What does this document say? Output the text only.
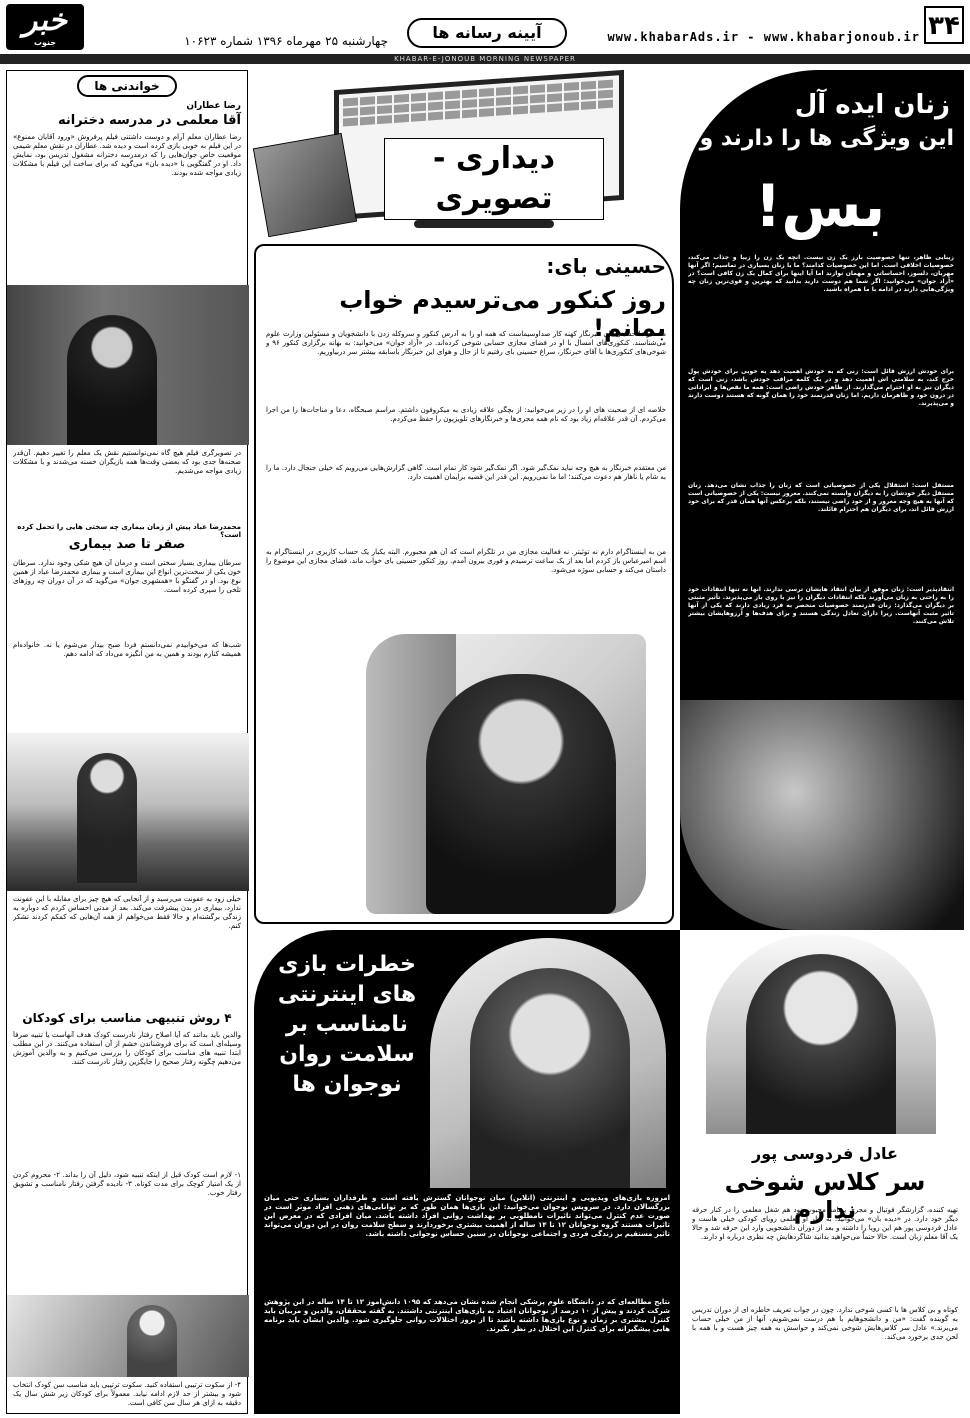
۳۴
www.khabarAds.ir - www.khabarjonoub.ir
آیینه رسانه ها
چهارشنبه ۲۵ مهرماه ۱۳۹۶ شماره ۱۰۶۲۳
خبر
جنوب
KHABAR-E-JONOUB MORNING NEWSPAPER
خواندنی ها
رضا عطاران
آقا معلمی در مدرسه دخترانه
رضا عطاران معلم آرام و دوست داشتنی فیلم پرفروش «ورود آقایان ممنوع» در این فیلم به خوبی بازی کرده است و دیده شد. عطاران در نقش معلم شیمی موقعیت خاص جوان‌هایی را که درمدرسه دخترانه مشغول تدریس بود، نمایش داد. او در گفتگویی با «دیده بان» می‌گوید که برای ساخت این فیلم با مشکلات زیادی مواجه شده بودند.
در تصویرگری فیلم هیچ گاه نمی‌توانستیم نقش یک معلم را تغییر دهیم. آن‌قدر صحنه‌ها جدی بود که بعضی وقت‌ها همه بازیگران خسته می‌شدند و با مشکلات زیادی مواجه می‌شدیم.
محمدرضا عباد پیش از زمان بیماری چه سختی هایی را تحمل کرده است؟
صفر تا صد بیماری
سرطان بیماری بسیار سختی است و درمان آن هیچ شکی وجود ندارد. سرطان خون یکی از سخت‌ترین انواع این بیماری است و بیماری محمدرضا عباد از همین نوع بود. او در گفتگو با «همشهری جوان» می‌گوید که در آن دوران چه روزهای تلخی را سپری کرده است.
شب‌ها که می‌خوابیدم نمی‌دانستم فردا صبح بیدار می‌شوم یا نه. خانواده‌ام همیشه کنارم بودند و همین به من انگیزه می‌داد که ادامه دهم.
خیلی زود به عفونت می‌رسید و از آنجایی که هیچ چیز برای مقابله با این عفونت ندارد، بیماری در بدن پیشرفت می‌کند. بعد از مدتی احساس کردم که دوباره به زندگی برگشته‌ام و حالا فقط می‌خواهم از همه آن‌هایی که کمکم کردند تشکر کنم.
۴ روش تنبیهی مناسب برای کودکان
والدین باید بدانند که آیا اصلاح رفتار نادرست کودک هدف آنهاست یا تنبیه صرفاً وسیله‌ای است که برای فروشناندن خشم از آن استفاده می‌کنند. در این مطلب ابتدا تنبیه های مناسب برای کودکان را بررسی می‌کنیم و به والدین آموزش می‌دهیم چگونه رفتار صحیح را جایگزین رفتار نادرست کنند.
۱- لازم است کودک قبل از اینکه تنبیه شود، دلیل آن را بداند. ۲- محروم کردن از یک امتیاز کوچک برای مدت کوتاه. ۳- نادیده گرفتن رفتار نامناسب و تشویق رفتار خوب.
۴- از سکوت ترتیبی استفاده کنید. سکوت ترتیبی باید مناسب سن کودک انتخاب شود و بیشتر از حد لازم ادامه نیابد. معمولاً برای کودکان زیر شش سال یک دقیقه به ازای هر سال سن کافی است.

دیداری - تصویری
حسینی بای:
روز کنکور می‌ترسیدم خواب بمانم!
محمدرضا حسینی بای خبرنگار کهنه کار صداوسیماست که همه او را به آدرس کنکور و سروکله زدن با دانشجویان و مسئولین وزارت علوم می‌شناسند. کنکوری‌های امسال با او در فضای مجازی حسابی شوخی کرده‌اند. در «آراد جوان» می‌خوانید: به بهانه برگزاری کنکور ۹۶ و شوخی‌های کنکوری‌ها با آقای خبرنگار، سراغ حسینی بای رفتیم تا از حال و هوای این خبرنگار باسابقه بیشتر سر دربیاوریم.
خلاصه ای از صحبت های او را در زیر می‌خوانید: از بچگی علاقه زیادی به میکروفون داشتم. مراسم صبحگاه، دعا و مناجات‌ها را من اجرا می‌کردم. آن قدر علاقه‌ام زیاد بود که نام همه مجری‌ها و خبرنگارهای تلویزیون را حفظ می‌کردم.
من معتقدم خبرنگار به هیچ وجه نباید نمک‌گیر شود. اگر نمک‌گیر شود کار تمام است. گاهی گزارش‌هایی می‌رویم که خیلی جنجال دارد. ما را به شام یا ناهار هم دعوت می‌کنند؛ اما ما نمی‌رویم. این قدر این قضیه برایمان اهمیت دارد.
من به اینستاگرام دارم نه توئیتر. نه فعالیت مجازی من در تلگرام است که آن هم مجبورم. البته یکبار یک حساب کاربری در اینستاگرام به اسم امیرعباس باز کردم اما بعد از یک ساعت ترسیدم و فوری بیرون آمدم. روز کنکور حسینی بای خواب ماند، فضای مجازی این موضوع را داستان می‌کند و حسابی سوژه می‌شود.
زنان ایده آل
این ویژگی ها را دارند و
بس!
زیبایی ظاهر، تنها خصوصیت بارز یک زن نیست. آنچه یک زن را زیبا و جذاب می‌کند، خصوصیات اخلاقی است. اما این خصوصیات کدامند؟ ما با زنان بسیاری در تماسیم؛ اگر آنها مهربان، دلسوز، احساساتی و مهمان نوازند اما آیا اینها برای کمال یک زن کافی است؟ در «آراد جوان» می‌خوانید: اگر شما هم دوست دارید بدانید که بهترین و قوی‌ترین زنان چه ویژگی‌هایی دارند در ادامه با ما همراه باشید.
برای خودش ارزش قائل است: زنی که به خودش اهمیت دهد به خوبی برای خودش پول خرج کند، به سلامتی اش اهمیت دهد و در یک کلمه مراقب خودش باشد، زنی است که دیگران نیز به او احترام می‌گذارند. از ظاهر خودش راضی است: همه ما نقص‌ها و ایراداتی در درون خود و ظاهرمان داریم. اما زنان قدرتمند خود را همان گونه که هستند دوست دارند و می‌پذیرند.
مستقل است: استقلال یکی از خصوصیاتی است که زنان را جذاب نشان می‌دهد. زنان مستقل دیگر خودشان را به دیگران وابسته نمی‌کنند. مغرور نیست: یکی از خصوصیاتی است که آنها به هیچ وجه مغرور و از خود راضی نیستند، بلکه برعکس آنها همان قدر که برای خود ارزش قائل اند، برای دیگران هم احترام قائلند.
انتقادپذیر است: زنان موفق از بیان انتقاد هایشان ترسی ندارند. آنها نه تنها انتقادات خود را به راحتی به زبان می‌آورند بلکه انتقادات دیگران را نیز با روی باز می‌پذیرند. تأثیر مثبتی بر دیگران می‌گذارد: زنان قدرتمند خصوصیات منحصر به فرد زیادی دارند که یکی از آنها تاثیر مثبت آنهاست. زیرا دارای تعادل زندگی هستند و برای هدف‌ها و آرزوهایشان بیشتر تلاش می‌کنند.
خطرات بازی های اینترنتی نامناسب بر سلامت روان نوجوان ها
امروزه بازی‌های ویدیویی و اینترنتی (آنلاین) میان نوجوانان گسترش یافته است و طرفداران بسیاری حتی میان بزرگسالان دارد. در سرویس نوجوان می‌خوانید: این بازی‌ها همان طور که بر توانایی‌های ذهنی افراد موثر است در صورت عدم کنترل می‌تواند تاثیرات نامطلوبی بر بهداشت روانی افراد داشته باشد. میان افرادی که در معرض این تاثیرات هستند گروه نوجوانان ۱۲ تا ۱۴ ساله از اهمیت بیشتری برخوردارند و سطح سلامت روان در این دوران می‌تواند تاثیر مستقیم بر زندگی فردی و اجتماعی نوجوانان در سنین حساس نوجوانی داشته باشد.
نتایج مطالعه‌ای که در دانشگاه علوم پزشکی انجام شده نشان می‌دهد که ۱۰۹۵ دانش‌آموز ۱۲ تا ۱۴ ساله در این پژوهش شرکت کردند و پیش از ۱۰ درصد از نوجوانان اعتیاد به بازی‌های اینترنتی داشتند. به گفته محققان، والدین و مربیان باید کنترل بیشتری بر زمان و نوع بازی‌ها داشته باشند تا از بروز اختلالات روانی جلوگیری شود. والدین ایشان باید برنامه هایی پیشگیرانه برای کنترل این اختلال در نظر بگیرند.
عادل فردوسی پور
سر کلاس شوخی ندارم
تهیه کننده، گزارشگر فوتبال و مجری برنامه محبوب نود هم شغل معلمی را در کنار حرفه دیگر خود دارد. در «دیده بان» می‌خوانید: به نظر او معلمی رویای کودکی خیلی هاست و عادل فردوسی پور هم این رویا را داشته و بعد از دوران دانشجویی وارد این حرفه شد و حالا یک آقا معلم زبان است. حالا حتماً می‌خواهید بدانید شاگردهایش چه نظری درباره او دارند.
کوتاه و بی کلاس ها با کسی شوخی ندارد. چون در جواب تعریف خاطره ای از دوران تدریس به گوینده گفت: «من و دانشجوهایم با هم درست نمی‌شویم، آنها از من خیلی حساب می‌برند.» عادل سر کلاس‌هایش شوخی نمی‌کند و حواسش به همه چیز هست و با همه با لحن جدی برخورد می‌کند.
